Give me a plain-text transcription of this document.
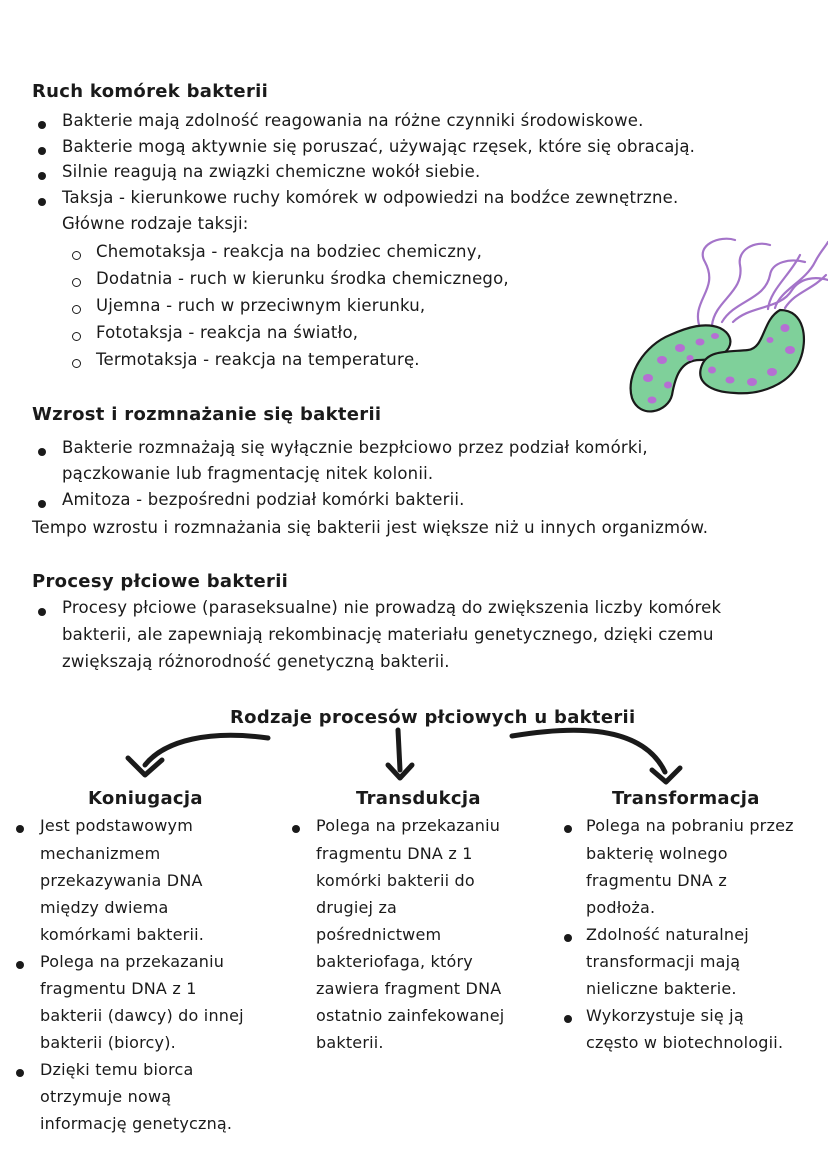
Ruch komórek bakterii
Bakterie mają zdolność reagowania na różne czynniki środowiskowe.
Bakterie mogą aktywnie się poruszać, używając rzęsek, które się obracają.
Silnie reagują na związki chemiczne wokół siebie.
Taksja - kierunkowe ruchy komórek w odpowiedzi na bodźce zewnętrzne.
Główne rodzaje taksji:
Chemotaksja - reakcja na bodziec chemiczny,
Dodatnia - ruch w kierunku środka chemicznego,
Ujemna - ruch w przeciwnym kierunku,
Fototaksja - reakcja na światło,
Termotaksja - reakcja na temperaturę.
Wzrost i rozmnażanie się bakterii
Bakterie rozmnażają się wyłącznie bezpłciowo przez podział komórki,
pączkowanie lub fragmentację nitek kolonii.
Amitoza - bezpośredni podział komórki bakterii.
Tempo wzrostu i rozmnażania się bakterii jest większe niż u innych organizmów.
Procesy płciowe bakterii
Procesy płciowe (paraseksualne) nie prowadzą do zwiększenia liczby komórek
bakterii, ale zapewniają rekombinację materiału genetycznego, dzięki czemu
zwiększają różnorodność genetyczną bakterii.
Rodzaje procesów płciowych u bakterii
Koniugacja	Transdukcja	Transformacja
Jest podstawowym
mechanizmem
przekazywania DNA
między dwiema
komórkami bakterii.
Polega na przekazaniu
fragmentu DNA z 1
bakterii (dawcy) do innej
bakterii (biorcy).
Dzięki temu biorca
otrzymuje nową
informację genetyczną.
Polega na przekazaniu
fragmentu DNA z 1
komórki bakterii do
drugiej za
pośrednictwem
bakteriofaga, który
zawiera fragment DNA
ostatnio zainfekowanej
bakterii.
Polega na pobraniu przez
bakterię wolnego
fragmentu DNA z
podłoża.
Zdolność naturalnej
transformacji mają
nieliczne bakterie.
Wykorzystuje się ją
często w biotechnologii.
